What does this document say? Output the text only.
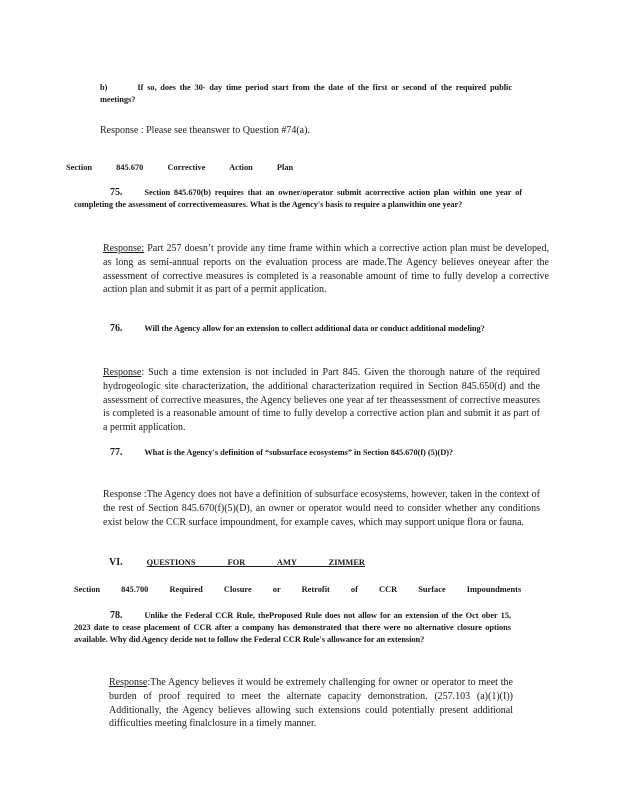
b)	If so, does the 30- day time period start from the date of the first or second of the required public meetings?
Response : Please see theanswer to Question #74(a).
Section 845.670 Corrective Action Plan
75.	Section 845.670(b) requires that an owner/operator submit acorrective action plan within one year of completing the assessment of correctivemeasures. What is the Agency's basis to require a planwithin one year?
Response: Part 257 doesn’t provide any time frame within which a corrective action plan must be developed, as long as semi-annual reports on the evaluation process are made.The Agency believes oneyear after the assessment of corrective measures is completed is a reasonable amount of time to fully develop a corrective action plan and submit it as part of a permit application.
76.	Will the Agency allow for an extension to collect additional data or conduct additional modeling?
Response: Such a time extension is not included in Part 845. Given the thorough nature of the required hydrogeologic site characterization, the additional characterization required in Section 845.650(d) and the assessment of corrective measures, the Agency believes one year af ter theassessment of corrective measures is completed is a reasonable amount of time to fully develop a corrective action plan and submit it as part of a permit application.
77.	What is the Agency's definition of “subsurface ecosystems” in Section 845.670(f) (5)(D)?
Response :The Agency does not have a definition of subsurface ecosystems, however, taken in the context of the rest of Section 845.670(f)(5)(D), an owner or operator would need to consider whether any conditions exist below the CCR surface impoundment, for example caves, which may support unique flora or fauna.
VI.	QUESTIONS FOR AMY ZIMMER
Section 845.700 Required Closure or Retrofit of CCR Surface Impoundments
78.	Unlike the Federal CCR Rule, theProposed Rule does not allow for an extension of the Oct ober 15, 2023 date to cease placement of CCR after a company has demonstrated that there were no alternative closure options available. Why did Agency decide not to follow the Federal CCR Rule's allowance for an extension?
Response:The Agency believes it would be extremely challenging for owner or operator to meet the burden of proof required to meet the alternate capacity demonstration. (257.103 (a)(1)(I)) Additionally, the Agency believes allowing such extensions could potentially present additional difficulties meeting finalclosure in a timely manner.
